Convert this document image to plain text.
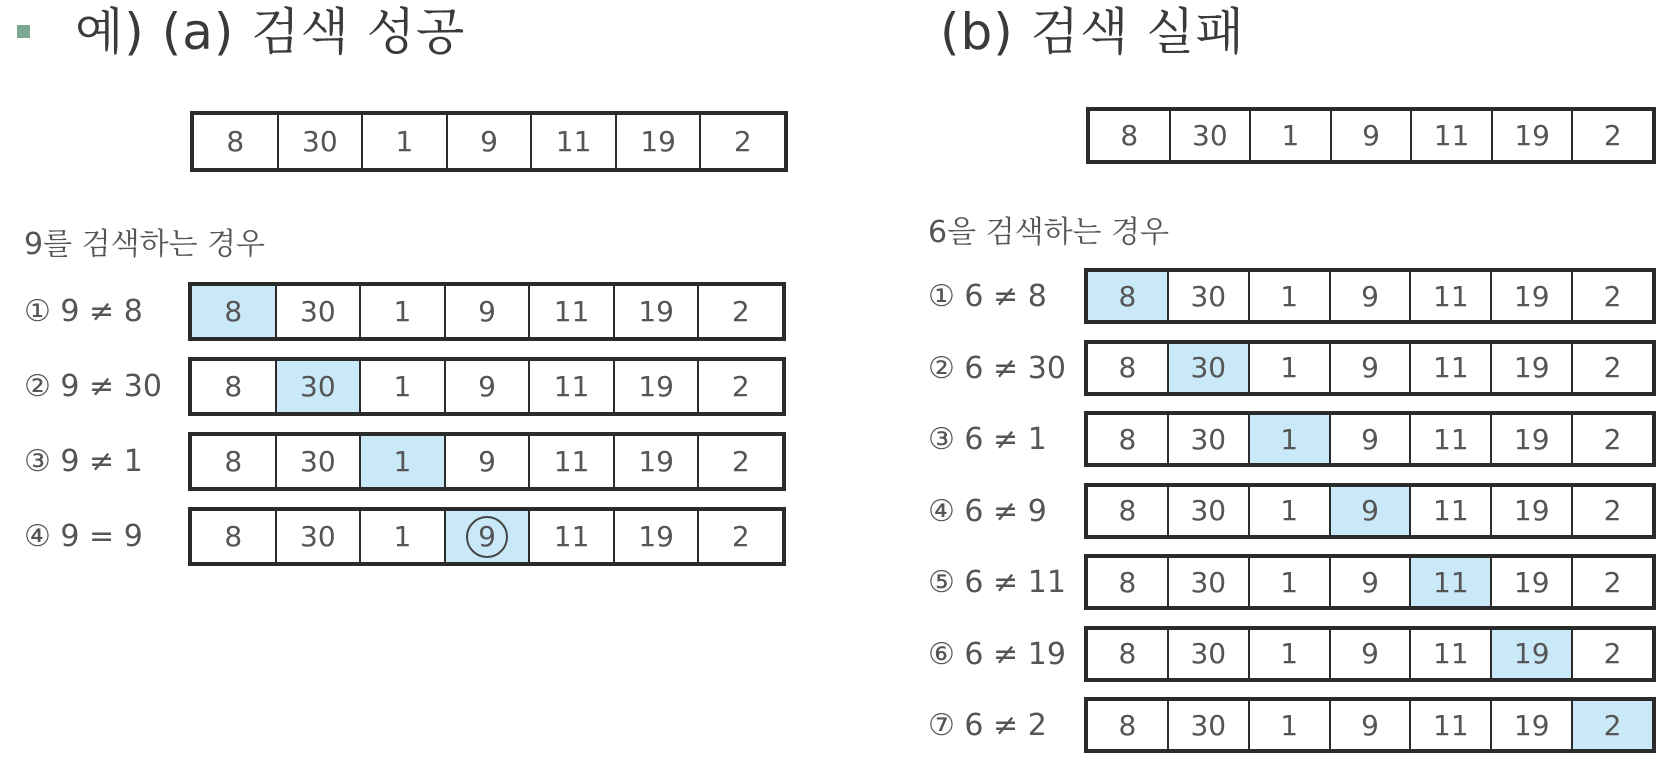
예) (a) 검색 성공	(b) 검색 실패
8 30 1 9 11 19 2
9를 검색하는 경우
① 9 ≠ 8	8 30 1 9 11 19 2
② 9 ≠ 30 8 30 1 9 11 19 2
③ 9 ≠ 1	8 30 1 9 11 19 2
④ 9 = 9	8 30 1 9 11 19 2
8 30 1 9 11 19 2
6을 검색하는 경우
① 6 ≠ 8	8 30 1 9 11 19 2
② 6 ≠ 30 8 30 1 9 11 19 2
③ 6 ≠ 1	8 30 1 9 11 19 2
④ 6 ≠ 9	8 30 1 9 11 19 2
⑤ 6 ≠ 11 8 30 1 9 11 19 2
⑥ 6 ≠ 19 8 30 1 9 11 19 2
⑦ 6 ≠ 2	8 30 1 9 11 19 2
